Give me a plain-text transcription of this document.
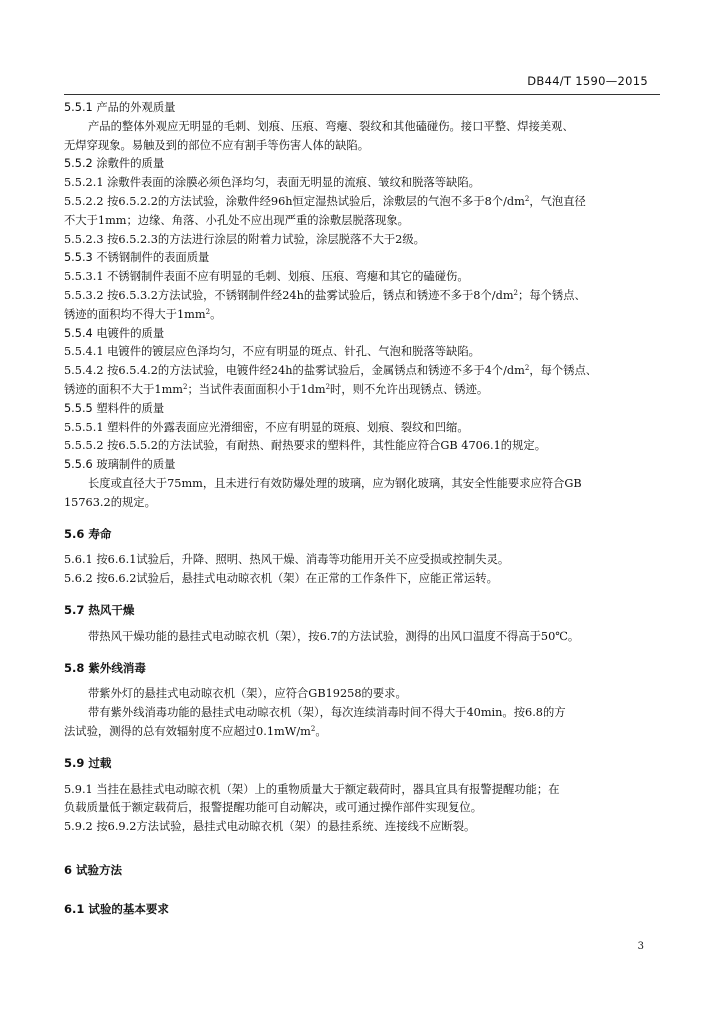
DB44/T 1590—2015
5.5.1 产品的外观质量
产品的整体外观应无明显的毛刺、划痕、压痕、弯瘪、裂纹和其他磕碰伤。接口平整、焊接美观、
无焊穿现象。易触及到的部位不应有割手等伤害人体的缺陷。
5.5.2 涂敷件的质量
5.5.2.1 涂敷件表面的涂膜必须色泽均匀，表面无明显的流痕、皱纹和脱落等缺陷。
5.5.2.2 按6.5.2.2的方法试验，涂敷件经96h恒定湿热试验后，涂敷层的气泡不多于8个$/dm^2$，气泡直径
不大于1mm；边缘、角落、小孔处不应出现严重的涂敷层脱落现象。
5.5.2.3 按6.5.2.3的方法进行涂层的附着力试验，涂层脱落不大于2级。
5.5.3 不锈钢制件的表面质量
5.5.3.1 不锈钢制件表面不应有明显的毛刺、划痕、压痕、弯瘪和其它的磕碰伤。
5.5.3.2 按6.5.3.2方法试验，不锈钢制件经24h的盐雾试验后，锈点和锈迹不多于8个$/dm^2$；每个锈点、
锈迹的面积均不得大于$1mm^2$。
5.5.4 电镀件的质量
5.5.4.1 电镀件的镀层应色泽均匀，不应有明显的斑点、针孔、气泡和脱落等缺陷。
5.5.4.2 按6.5.4.2的方法试验，电镀件经24h的盐雾试验后，金属锈点和锈迹不多于4个$/dm^2$，每个锈点、
锈迹的面积不大于$1mm^2$；当试件表面面积小于$1dm^2$时，则不允许出现锈点、锈迹。
5.5.5 塑料件的质量
5.5.5.1 塑料件的外露表面应光滑细密，不应有明显的斑痕、划痕、裂纹和凹缩。
5.5.5.2 按6.5.5.2的方法试验，有耐热、耐热要求的塑料件，其性能应符合GB 4706.1的规定。
5.5.6 玻璃制件的质量
长度或直径大于75mm，且未进行有效防爆处理的玻璃，应为钢化玻璃，其安全性能要求应符合GB
15763.2的规定。
5.6 寿命
5.6.1 按6.6.1试验后，升降、照明、热风干燥、消毒等功能用开关不应受损或控制失灵。
5.6.2 按6.6.2试验后，悬挂式电动晾衣机（架）在正常的工作条件下，应能正常运转。
5.7 热风干燥
带热风干燥功能的悬挂式电动晾衣机（架），按6.7的方法试验，测得的出风口温度不得高于50℃。
5.8 紫外线消毒
带紫外灯的悬挂式电动晾衣机（架），应符合GB19258的要求。
带有紫外线消毒功能的悬挂式电动晾衣机（架），每次连续消毒时间不得大于40min。按6.8的方
法试验，测得的总有效辐射度不应超过$0.1mW/m^2$。
5.9 过载
5.9.1 当挂在悬挂式电动晾衣机（架）上的重物质量大于额定载荷时，器具宜具有报警提醒功能；在
负载质量低于额定载荷后，报警提醒功能可自动解决，或可通过操作部件实现复位。
5.9.2 按6.9.2方法试验，悬挂式电动晾衣机（架）的悬挂系统、连接线不应断裂。
6 试验方法
6.1 试验的基本要求
3
